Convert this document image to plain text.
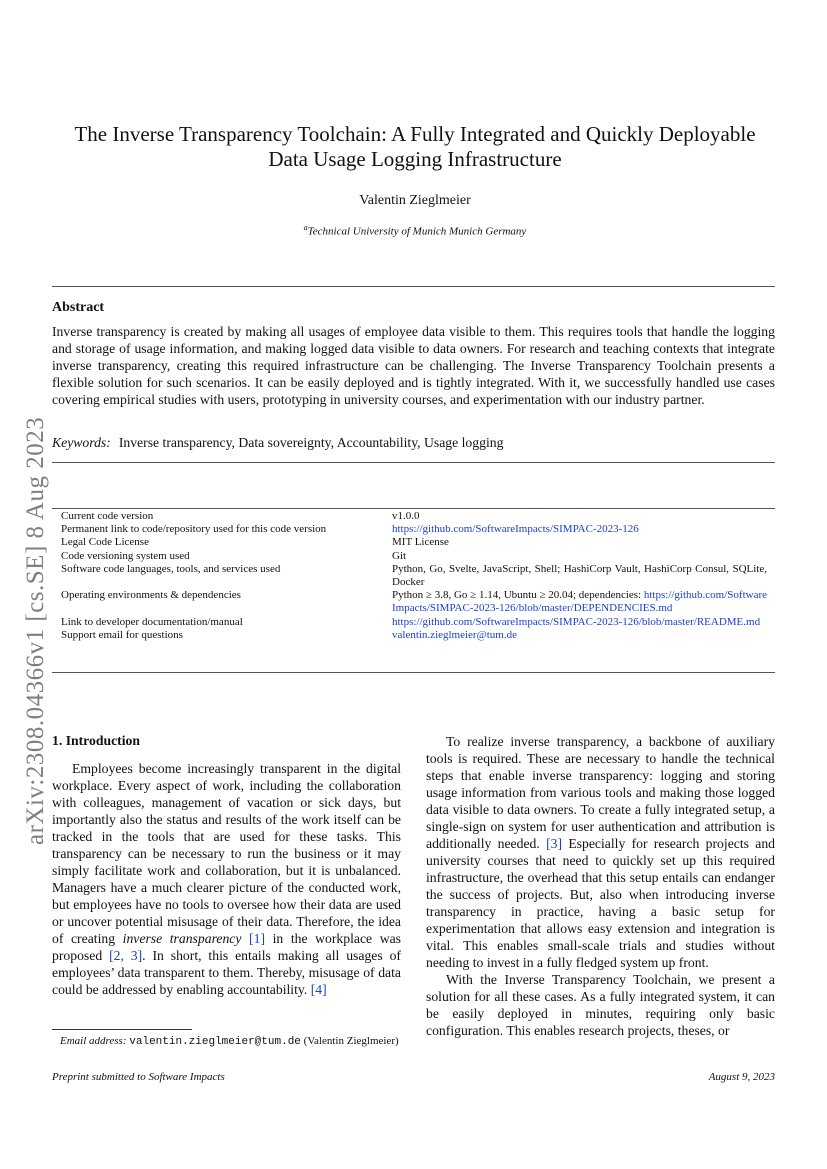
arXiv:2308.04366v1 [cs.SE] 8 Aug 2023
The Inverse Transparency Toolchain: A Fully Integrated and Quickly Deployable
Data Usage Logging Infrastructure
Valentin Zieglmeier
$^a$Technical University of Munich Munich Germany
Abstract
Inverse transparency is created by making all usages of employee data visible to them. This requires tools that handle the logging and storage of usage information, and making logged data visible to data owners. For research and teaching contexts that integrate inverse transparency, creating this required infrastructure can be challenging. The Inverse Transparency Toolchain presents a flexible solution for such scenarios. It can be easily deployed and is tightly integrated. With it, we successfully handled use cases covering empirical studies with users, prototyping in university courses, and experimentation with our industry partner.
Keywords: Inverse transparency, Data sovereignty, Accountability, Usage logging
Current code version	v1.0.0
Permanent link to code/repository used for this code version	https://github.com/SoftwareImpacts/SIMPAC-2023-126
Legal Code License	MIT License
Code versioning system used	Git
Software code languages, tools, and services used	Python, Go, Svelte, JavaScript, Shell; HashiCorp Vault, HashiCorp Consul, SQLite, Docker
Operating environments & dependencies	Python ≥ 3.8, Go ≥ 1.14, Ubuntu ≥ 20.04; dependencies: https://github.com/SoftwareImpacts/SIMPAC-2023-126/blob/master/DEPENDENCIES.md
Link to developer documentation/manual	https://github.com/SoftwareImpacts/SIMPAC-2023-126/blob/master/README.md
Support email for questions	valentin.zieglmeier@tum.de
1. Introduction

Employees become increasingly transparent in the digital workplace. Every aspect of work, including the collaboration with colleagues, management of vacation or sick days, but importantly also the status and results of the work itself can be tracked in the tools that are used for these tasks. This transparency can be necessary to run the business or it may simply facilitate work and collaboration, but it is unbalanced. Managers have a much clearer picture of the conducted work, but employees have no tools to oversee how their data are used or uncover potential misusage of their data. Therefore, the idea of creating inverse transparency [1] in the workplace was proposed [2, 3]. In short, this entails making all usages of employees’ data transparent to them. Thereby, misusage of data could be addressed by enabling accountability. [4]

To realize inverse transparency, a backbone of auxiliary tools is required. These are necessary to handle the technical steps that enable inverse transparency: logging and storing usage information from various tools and making those logged data visible to data owners. To create a fully integrated setup, a single-sign on system for user authentication and attribution is additionally needed. [3] Especially for research projects and university courses that need to quickly set up this required infrastructure, the overhead that this setup entails can endanger the success of projects. But, also when introducing inverse transparency in practice, having a basic setup for experimentation that allows easy extension and integration is vital. This enables small-scale trials and studies without needing to invest in a fully fledged system up front.

With the Inverse Transparency Toolchain, we present a solution for all these cases. As a fully integrated system, it can be easily deployed in minutes, requiring only basic configuration. This enables research projects, theses, or

Email address: valentin.zieglmeier@tum.de (Valentin Zieglmeier)
Preprint submitted to Software Impacts	August 9, 2023
